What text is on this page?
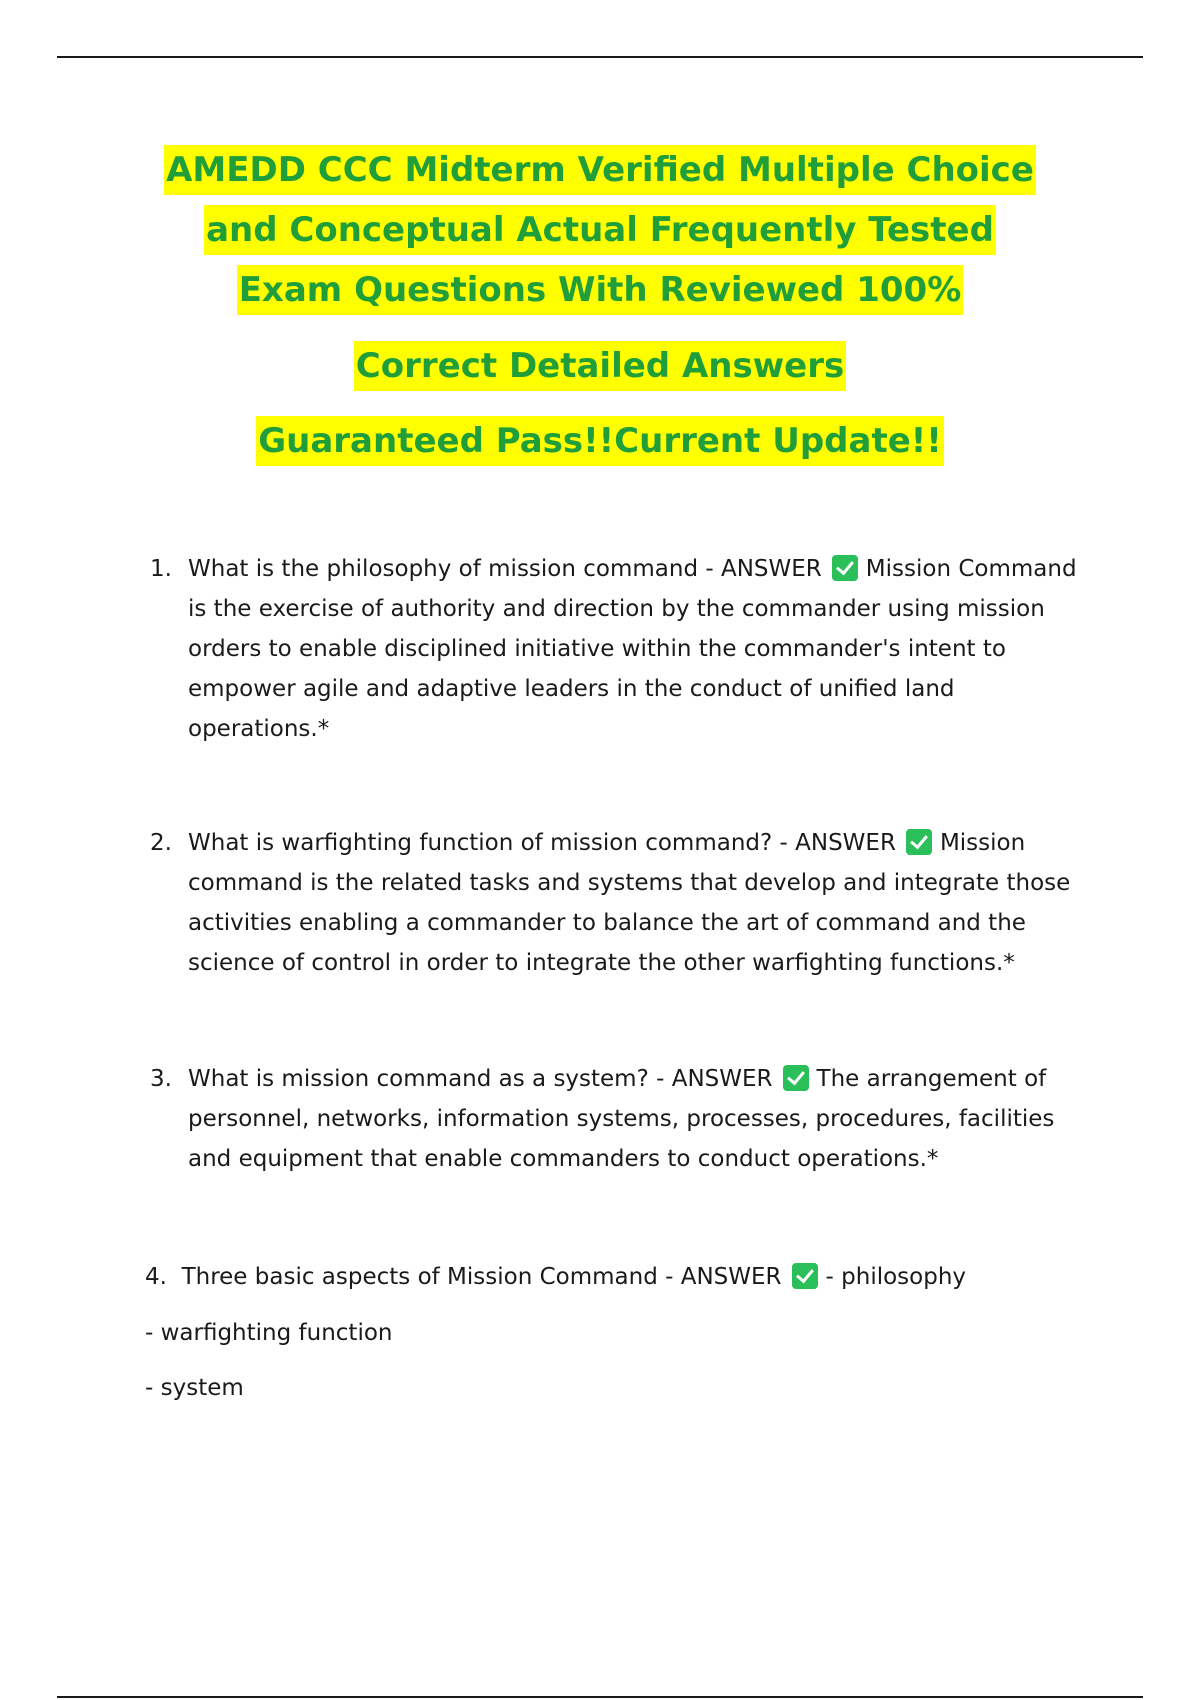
AMEDD CCC Midterm Verified Multiple Choice
and Conceptual Actual Frequently Tested
Exam Questions With Reviewed 100%
Correct Detailed Answers
Guaranteed Pass!!Current Update!!
1. What is the philosophy of mission command - ANSWER Mission Command is the exercise of authority and direction by the commander using mission orders to enable disciplined initiative within the commander's intent to empower agile and adaptive leaders in the conduct of unified land operations.*
2. What is warfighting function of mission command? - ANSWER Mission command is the related tasks and systems that develop and integrate those activities enabling a commander to balance the art of command and the science of control in order to integrate the other warfighting functions.*
3. What is mission command as a system? - ANSWER The arrangement of personnel, networks, information systems, processes, procedures, facilities and equipment that enable commanders to conduct operations.*
4. Three basic aspects of Mission Command - ANSWER - philosophy
- warfighting function
- system
